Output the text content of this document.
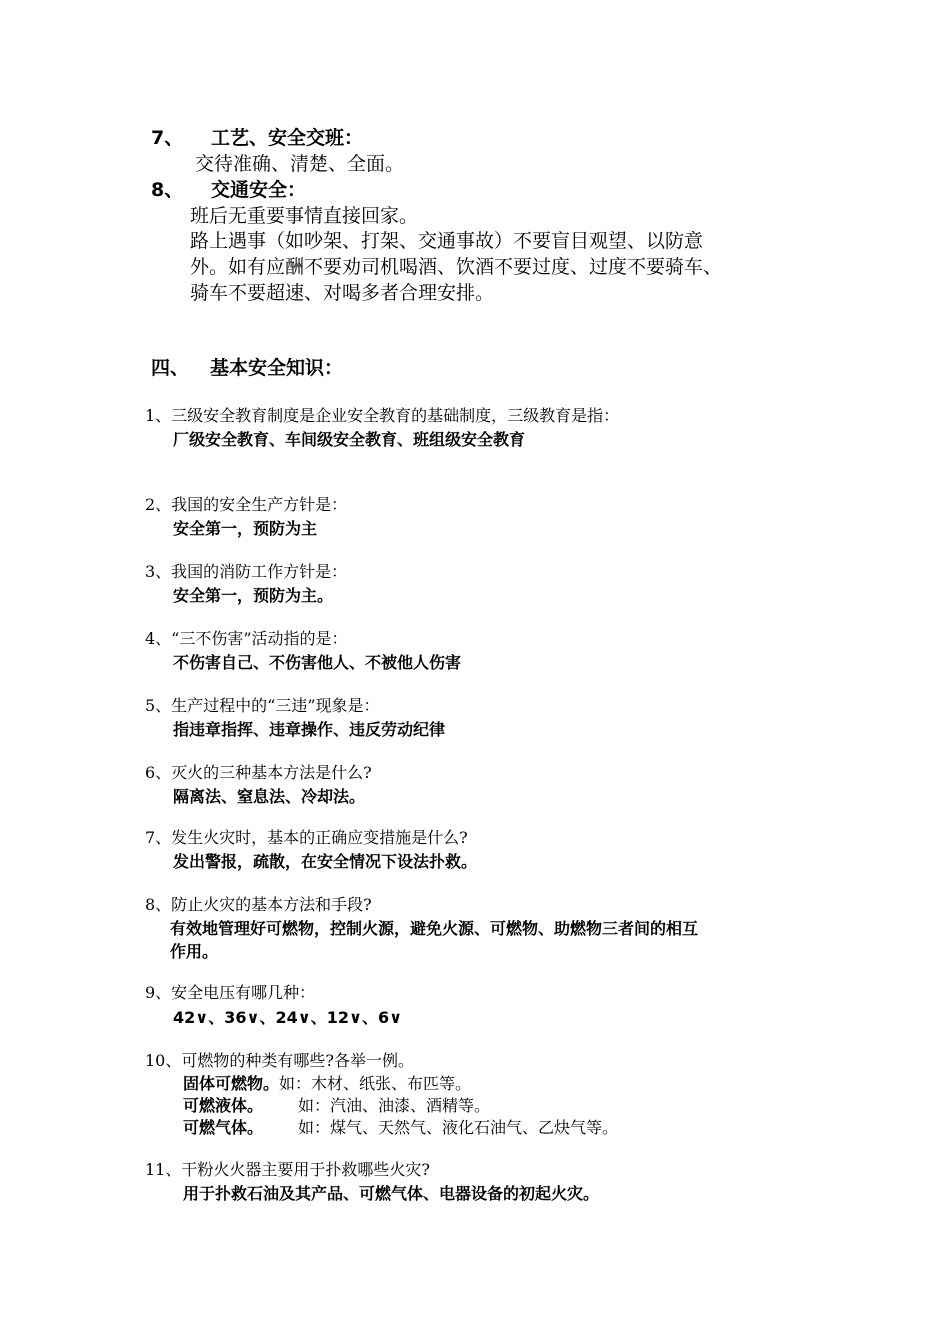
7、 工艺、安全交班：
交待准确、清楚、全面。
8、 交通安全：
班后无重要事情直接回家。
路上遇事（如吵架、打架、交通事故）不要盲目观望、以防意
外。如有应酬不要劝司机喝酒、饮酒不要过度、过度不要骑车、
骑车不要超速、对喝多者合理安排。
四、 基本安全知识：
1、三级安全教育制度是企业安全教育的基础制度，三级教育是指：
厂级安全教育、车间级安全教育、班组级安全教育
2、我国的安全生产方针是：
安全第一，预防为主
3、我国的消防工作方针是：
安全第一，预防为主。
4、“三不伤害”活动指的是：
不伤害自己、不伤害他人、不被他人伤害
5、生产过程中的“三违”现象是：
指违章指挥、违章操作、违反劳动纪律
6、灭火的三种基本方法是什么?
隔离法、窒息法、冷却法。
7、发生火灾时，基本的正确应变措施是什么?
发出警报，疏散，在安全情况下设法扑救。
8、防止火灾的基本方法和手段?
有效地管理好可燃物，控制火源，避免火源、可燃物、助燃物三者间的相互
作用。
9、安全电压有哪几种：
42∨、36∨、24∨、12∨、6∨
10、可燃物的种类有哪些?各举一例。
固体可燃物。如：木材、纸张、布匹等。
可燃液体。 如：汽油、油漆、酒精等。
可燃气体。 如：煤气、天然气、液化石油气、乙炔气等。
11、干粉火火器主要用于扑救哪些火灾?
用于扑救石油及其产品、可燃气体、电器设备的初起火灾。
